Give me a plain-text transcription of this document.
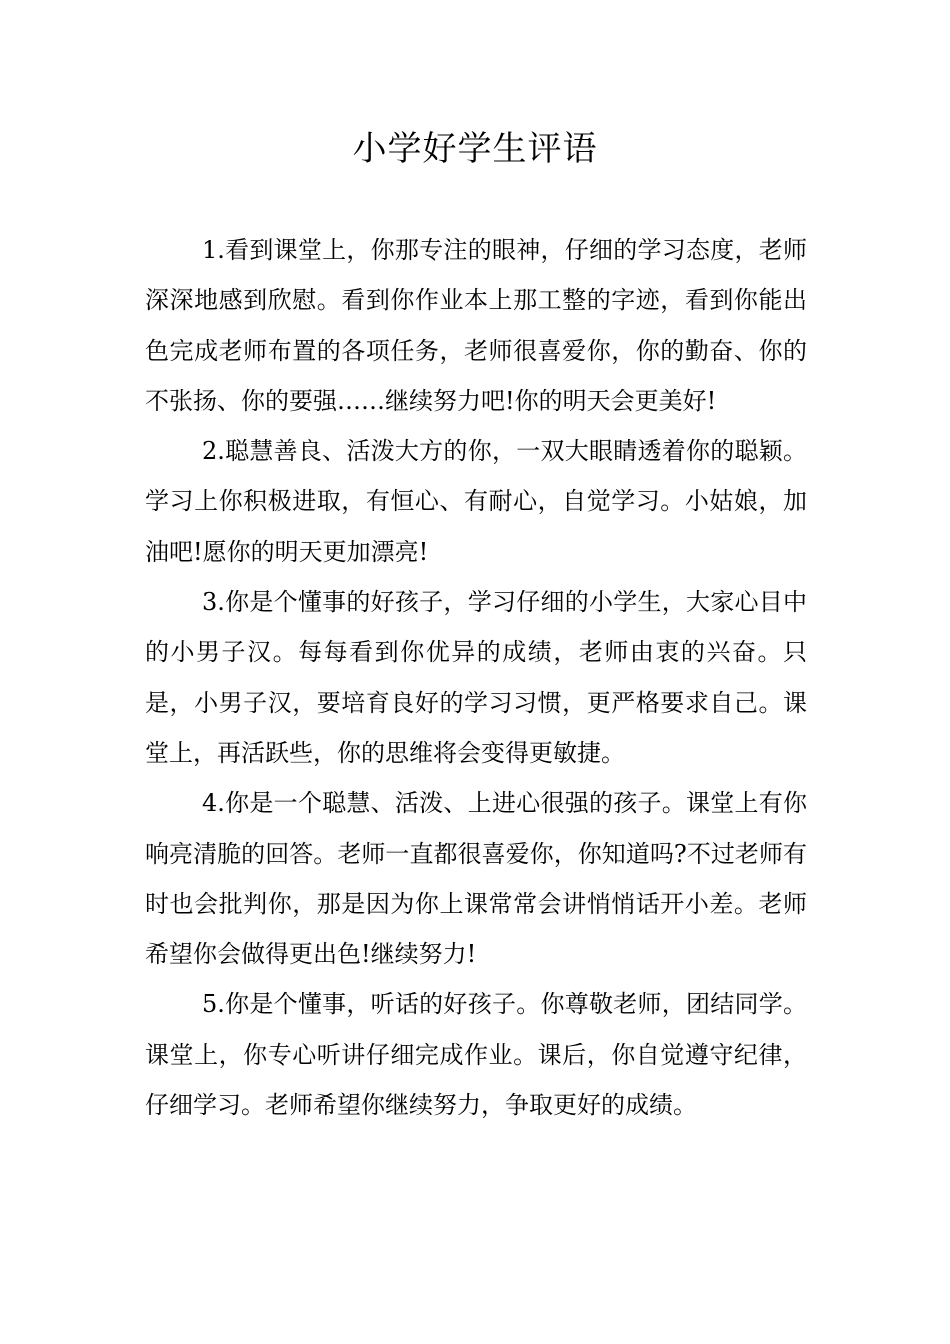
小学好学生评语

1.看到课堂上，你那专注的眼神，仔细的学习态度，老师深深地感到欣慰。看到你作业本上那工整的字迹，看到你能出色完成老师布置的各项任务，老师很喜爱你，你的勤奋、你的不张扬、你的要强……继续努力吧!你的明天会更美好!

2.聪慧善良、活泼大方的你，一双大眼睛透着你的聪颖。学习上你积极进取，有恒心、有耐心，自觉学习。小姑娘，加油吧!愿你的明天更加漂亮!

3.你是个懂事的好孩子，学习仔细的小学生，大家心目中的小男子汉。每每看到你优异的成绩，老师由衷的兴奋。只是，小男子汉，要培育良好的学习习惯，更严格要求自己。课堂上，再活跃些，你的思维将会变得更敏捷。

4.你是一个聪慧、活泼、上进心很强的孩子。课堂上有你响亮清脆的回答。老师一直都很喜爱你，你知道吗?不过老师有时也会批判你，那是因为你上课常常会讲悄悄话开小差。老师希望你会做得更出色!继续努力!

5.你是个懂事，听话的好孩子。你尊敬老师，团结同学。课堂上，你专心听讲仔细完成作业。课后，你自觉遵守纪律，仔细学习。老师希望你继续努力，争取更好的成绩。
